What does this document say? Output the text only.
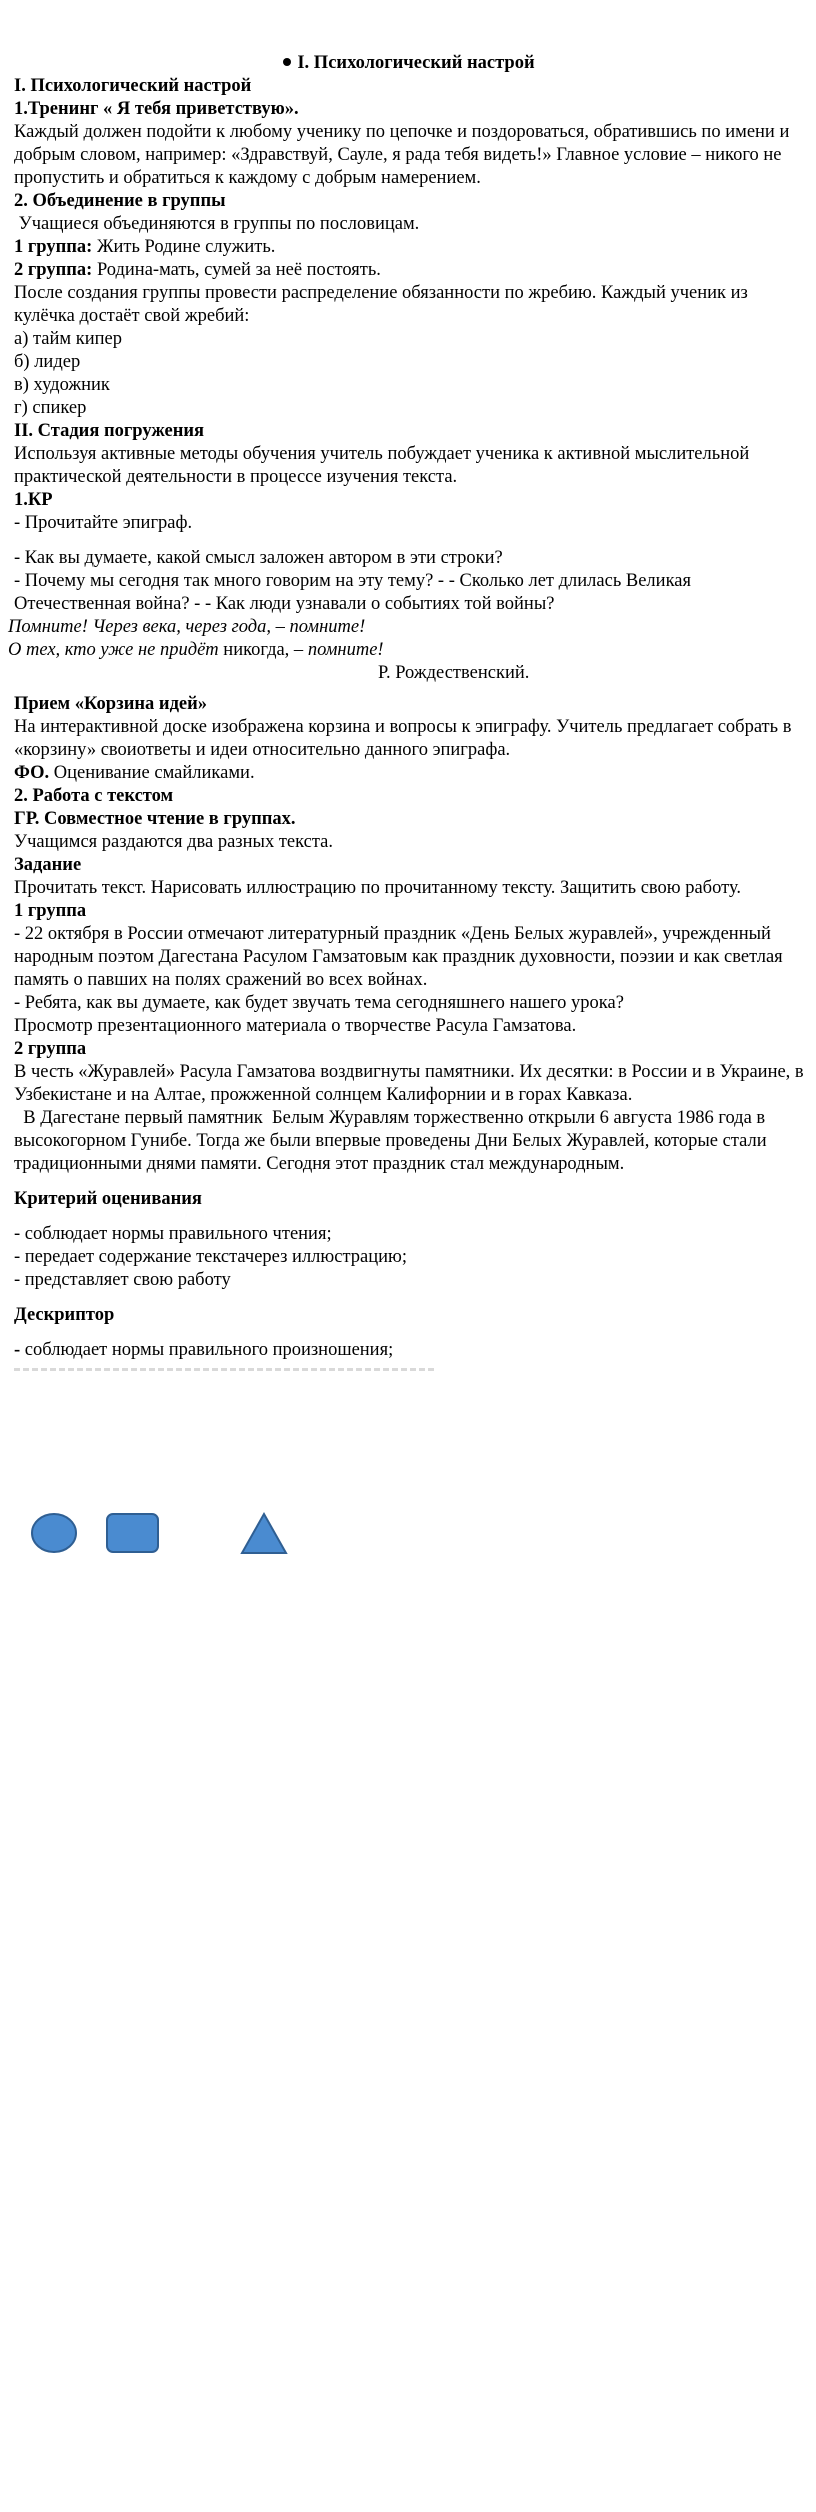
I. Психологический настрой
I. Психологический настрой
1.Тренинг « Я тебя приветствую».
Каждый должен подойти к любому ученику по цепочке и поздороваться, обратившись по имени и добрым словом, например: «Здравствуй, Сауле, я рада тебя видеть!» Главное условие – никого не пропустить и обратиться к каждому с добрым намерением.
2. Объединение в группы
Учащиеся объединяются в группы по пословицам.
1 группа: Жить Родине служить.
2 группа: Родина-мать, сумей за неё постоять.
После создания группы провести распределение обязанности по жребию. Каждый ученик из кулёчка достаёт свой жребий:
а) тайм кипер
б) лидер
в) художник
г) спикер
II. Стадия погружения
Используя активные методы обучения учитель побуждает ученика к активной мыслительной практической деятельности в процессе изучения текста.
1.КР
- Прочитайте эпиграф.
- Как вы думаете, какой смысл заложен автором в эти строки?
- Почему мы сегодня так много говорим на эту тему? - - Сколько лет длилась Великая Отечественная война? - - Как люди узнавали о событиях той войны?
Помните! Через века, через года, – помните!
О тех, кто уже не придёт никогда, – помните!
Р. Рождественский.
Прием «Корзина идей»
На интерактивной доске изображена корзина и вопросы к эпиграфу. Учитель предлагает собрать в «корзину» своиответы и идеи относительно данного эпиграфа.
ФО. Оценивание смайликами.
2. Работа с текстом
ГР. Совместное чтение в группах.
Учащимся раздаются два разных текста.
Задание
Прочитать текст. Нарисовать иллюстрацию по прочитанному тексту. Защитить свою работу.
1 группа
- 22 октября в России отмечают литературный праздник «День Белых журавлей», учрежденный народным поэтом Дагестана Расулом Гамзатовым как праздник духовности, поэзии и как светлая память о павших на полях сражений во всех войнах.
- Ребята, как вы думаете, как будет звучать тема сегодняшнего нашего урока?
Просмотр презентационного материала о творчестве Расула Гамзатова.
2 группа
В честь «Журавлей» Расула Гамзатова воздвигнуты памятники. Их десятки: в России и в Украине, в Узбекистане и на Алтае, прожженной солнцем Калифорнии и в горах Кавказа.
В Дагестане первый памятник  Белым Журавлям торжественно открыли 6 августа 1986 года в высокогорном Гунибе. Тогда же были впервые проведены Дни Белых Журавлей, которые стали традиционными днями памяти. Сегодня этот праздник стал международным.
Критерий оценивания
- соблюдает нормы правильного чтения;
- передает содержание текстачерез иллюстрацию;
- представляет свою работу
Дескриптор
- соблюдает нормы правильного произношения;
